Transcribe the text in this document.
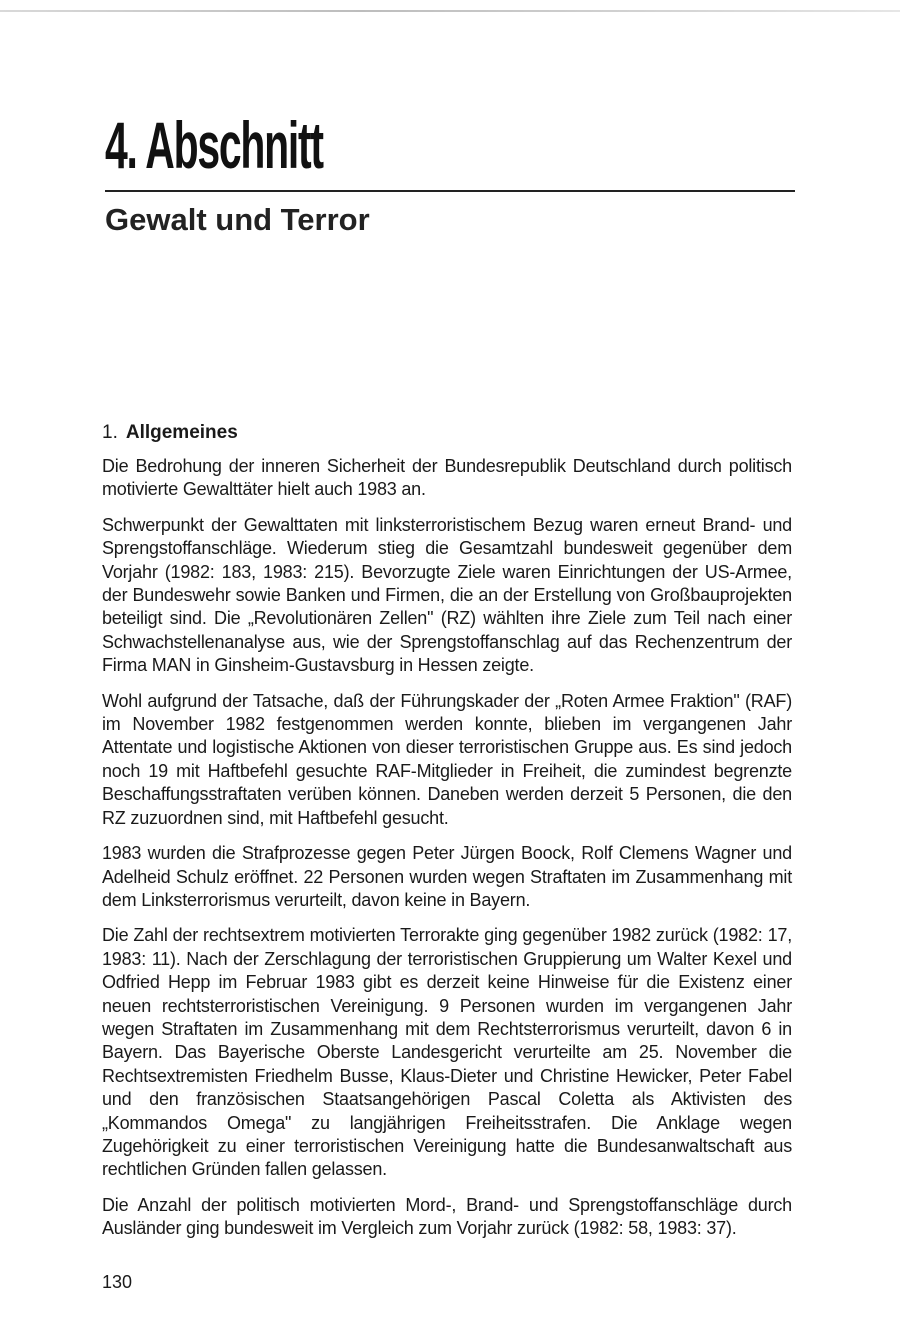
4. Abschnitt
Gewalt und Terror
1. Allgemeines

Die Bedrohung der inneren Sicherheit der Bundesrepublik Deutschland durch politisch motivierte Gewalttäter hielt auch 1983 an.

Schwerpunkt der Gewalttaten mit linksterroristischem Bezug waren erneut Brand- und Sprengstoffanschläge. Wiederum stieg die Gesamtzahl bundesweit gegenüber dem Vorjahr (1982: 183, 1983: 215). Bevorzugte Ziele waren Einrichtungen der US-Armee, der Bundeswehr sowie Banken und Firmen, die an der Erstellung von Großbauprojekten beteiligt sind. Die „Revolutionären Zellen" (RZ) wählten ihre Ziele zum Teil nach einer Schwachstellenanalyse aus, wie der Sprengstoffanschlag auf das Rechenzentrum der Firma MAN in Ginsheim-Gustavsburg in Hessen zeigte.

Wohl aufgrund der Tatsache, daß der Führungskader der „Roten Armee Fraktion" (RAF) im November 1982 festgenommen werden konnte, blieben im vergangenen Jahr Attentate und logistische Aktionen von dieser terroristischen Gruppe aus. Es sind jedoch noch 19 mit Haftbefehl gesuchte RAF-Mitglieder in Freiheit, die zumindest begrenzte Beschaffungsstraftaten verüben können. Daneben werden derzeit 5 Personen, die den RZ zuzuordnen sind, mit Haftbefehl gesucht.

1983 wurden die Strafprozesse gegen Peter Jürgen Boock, Rolf Clemens Wagner und Adelheid Schulz eröffnet. 22 Personen wurden wegen Straftaten im Zusammenhang mit dem Linksterrorismus verurteilt, davon keine in Bayern.

Die Zahl der rechtsextrem motivierten Terrorakte ging gegenüber 1982 zurück (1982: 17, 1983: 11). Nach der Zerschlagung der terroristischen Gruppierung um Walter Kexel und Odfried Hepp im Februar 1983 gibt es derzeit keine Hinweise für die Existenz einer neuen rechtsterroristischen Vereinigung. 9 Personen wurden im vergangenen Jahr wegen Straftaten im Zusammenhang mit dem Rechtsterrorismus verurteilt, davon 6 in Bayern. Das Bayerische Oberste Landesgericht verurteilte am 25. November die Rechtsextremisten Friedhelm Busse, Klaus-Dieter und Christine Hewicker, Peter Fabel und den französischen Staatsangehörigen Pascal Coletta als Aktivisten des „Kommandos Omega" zu langjährigen Freiheitsstrafen. Die Anklage wegen Zugehörigkeit zu einer terroristischen Vereinigung hatte die Bundesanwaltschaft aus rechtlichen Gründen fallen gelassen.

Die Anzahl der politisch motivierten Mord-, Brand- und Sprengstoffanschläge durch Ausländer ging bundesweit im Vergleich zum Vorjahr zurück (1982: 58, 1983: 37).

130
